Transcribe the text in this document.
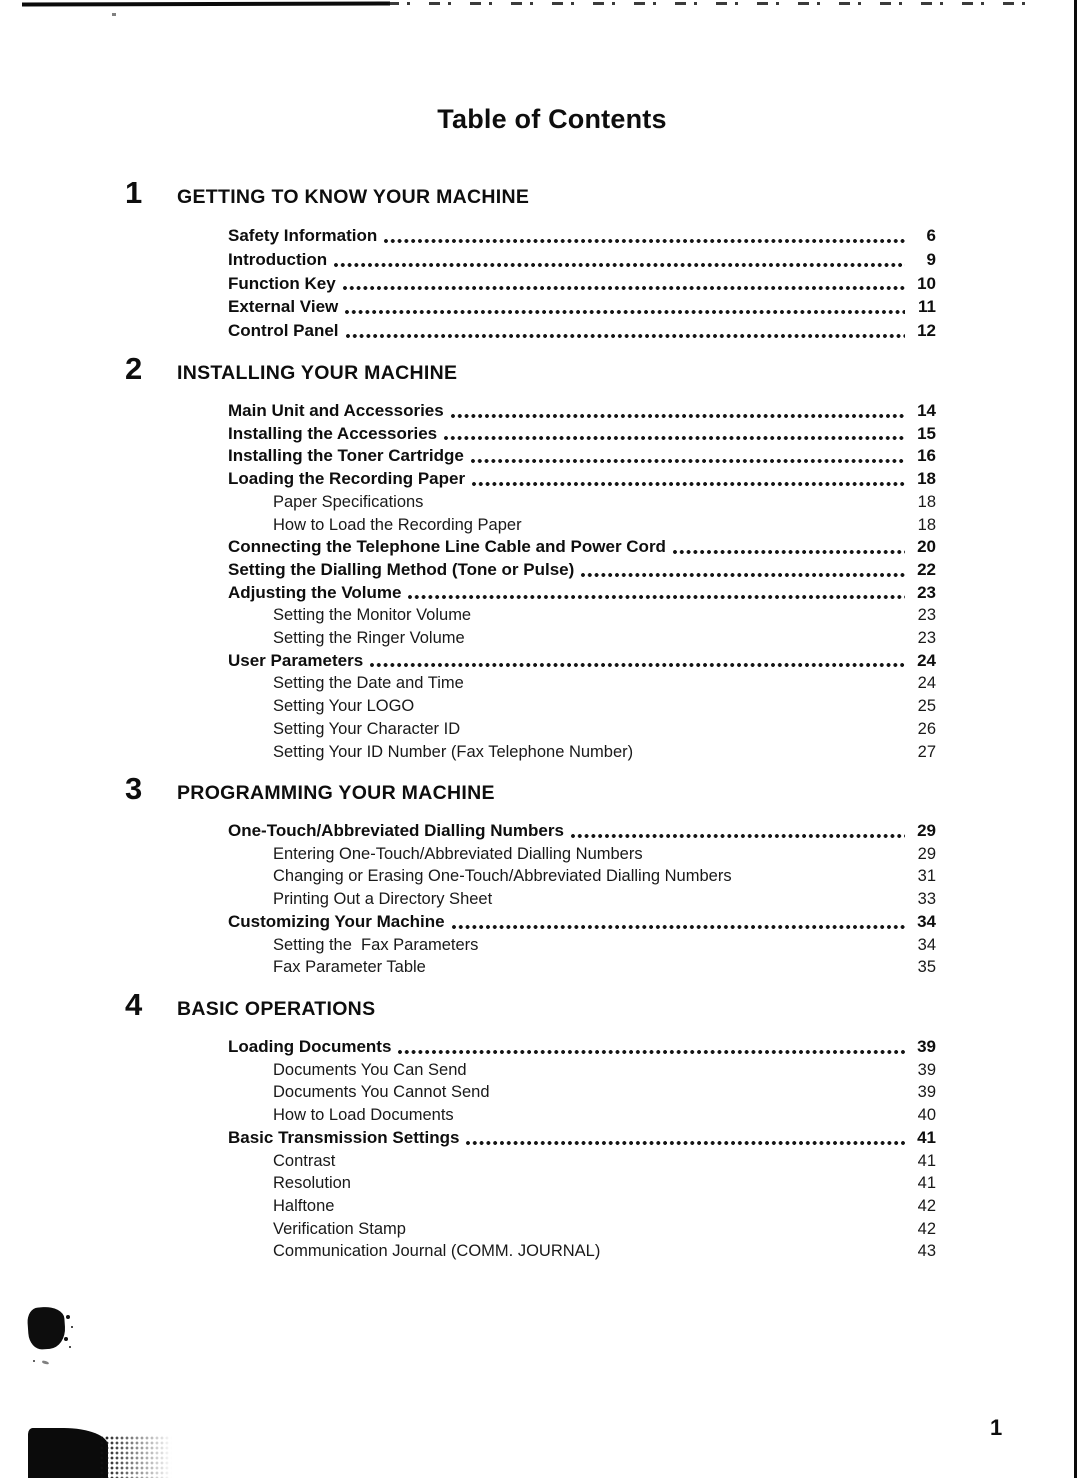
Table of Contents
1	GETTING TO KNOW YOUR MACHINE
Safety Information	6
Introduction	9
Function Key	10
External View	11
Control Panel	12
2	INSTALLING YOUR MACHINE
Main Unit and Accessories	14
Installing the Accessories	15
Installing the Toner Cartridge	16
Loading the Recording Paper	18
Paper Specifications	18
How to Load the Recording Paper	18
Connecting the Telephone Line Cable and Power Cord	20
Setting the Dialling Method (Tone or Pulse)	22
Adjusting the Volume	23
Setting the Monitor Volume	23
Setting the Ringer Volume	23
User Parameters	24
Setting the Date and Time	24
Setting Your LOGO	25
Setting Your Character ID	26
Setting Your ID Number (Fax Telephone Number)	27
3	PROGRAMMING YOUR MACHINE
One-Touch/Abbreviated Dialling Numbers	29
Entering One-Touch/Abbreviated Dialling Numbers	29
Changing or Erasing One-Touch/Abbreviated Dialling Numbers	31
Printing Out a Directory Sheet	33
Customizing Your Machine	34
Setting the  Fax Parameters	34
Fax Parameter Table	35
4	BASIC OPERATIONS
Loading Documents	39
Documents You Can Send	39
Documents You Cannot Send	39
How to Load Documents	40
Basic Transmission Settings	41
Contrast	41
Resolution	41
Halftone	42
Verification Stamp	42
Communication Journal (COMM. JOURNAL)	43
1
